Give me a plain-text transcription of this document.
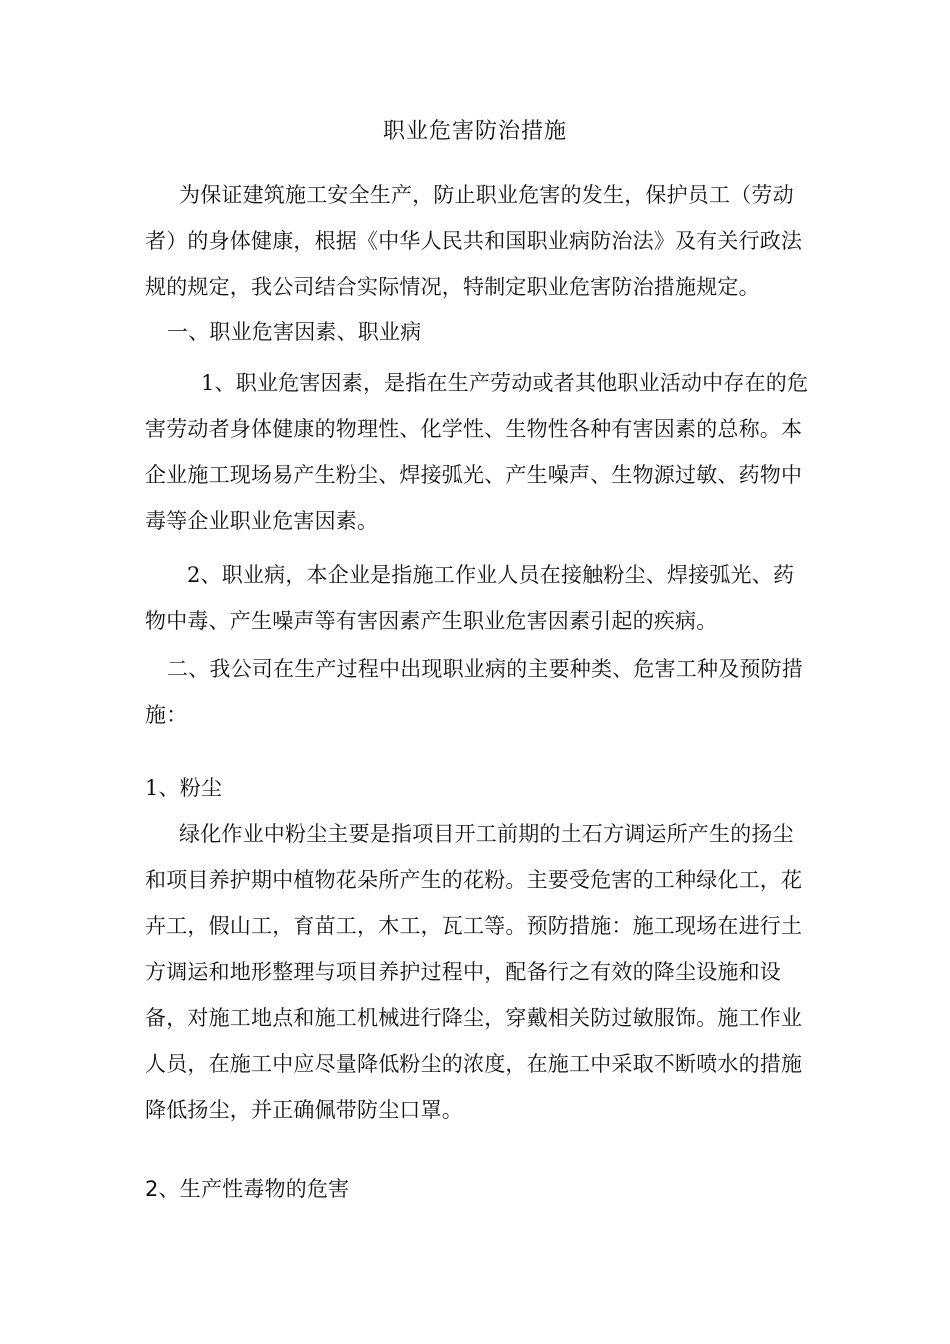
职业危害防治措施
为保证建筑施工安全生产，防止职业危害的发生，保护员工（劳动者）的身体健康，根据《中华人民共和国职业病防治法》及有关行政法规的规定，我公司结合实际情况，特制定职业危害防治措施规定。
一、职业危害因素、职业病
1、职业危害因素，是指在生产劳动或者其他职业活动中存在的危害劳动者身体健康的物理性、化学性、生物性各种有害因素的总称。本企业施工现场易产生粉尘、焊接弧光、产生噪声、生物源过敏、药物中毒等企业职业危害因素。
2、职业病，本企业是指施工作业人员在接触粉尘、焊接弧光、药物中毒、产生噪声等有害因素产生职业危害因素引起的疾病。
二、我公司在生产过程中出现职业病的主要种类、危害工种及预防措施：
1、粉尘
绿化作业中粉尘主要是指项目开工前期的土石方调运所产生的扬尘和项目养护期中植物花朵所产生的花粉。主要受危害的工种绿化工，花卉工，假山工，育苗工，木工，瓦工等。预防措施：施工现场在进行土方调运和地形整理与项目养护过程中，配备行之有效的降尘设施和设备，对施工地点和施工机械进行降尘，穿戴相关防过敏服饰。施工作业人员，在施工中应尽量降低粉尘的浓度，在施工中采取不断喷水的措施降低扬尘，并正确佩带防尘口罩。
2、生产性毒物的危害
